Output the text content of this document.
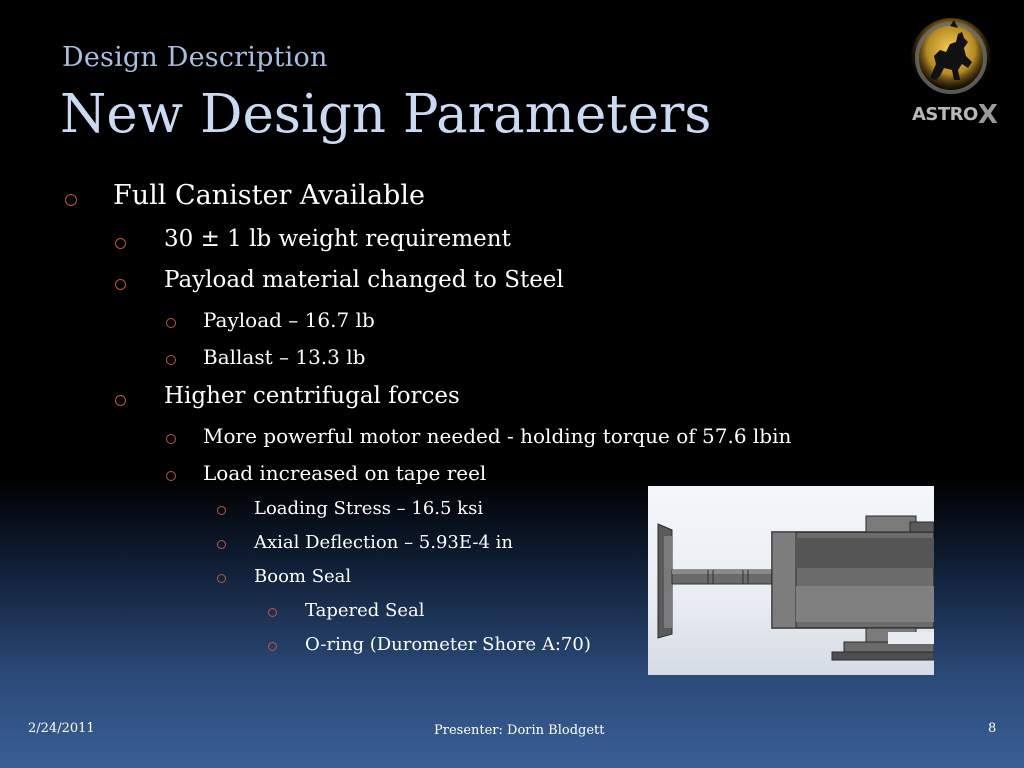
Design Description
New Design Parameters	ASTROX
Full Canister Available
30 ± 1 lb weight requirement
Payload material changed to Steel
Payload – 16.7 lb
Ballast – 13.3 lb
Higher centrifugal forces
More powerful motor needed - holding torque of 57.6 lbin
Load increased on tape reel
Loading Stress – 16.5 ksi
Axial Deflection – 5.93E-4 in
Boom Seal
Tapered Seal
O-ring (Durometer Shore A:70)
2/24/2011	Presenter: Dorin Blodgett	8
